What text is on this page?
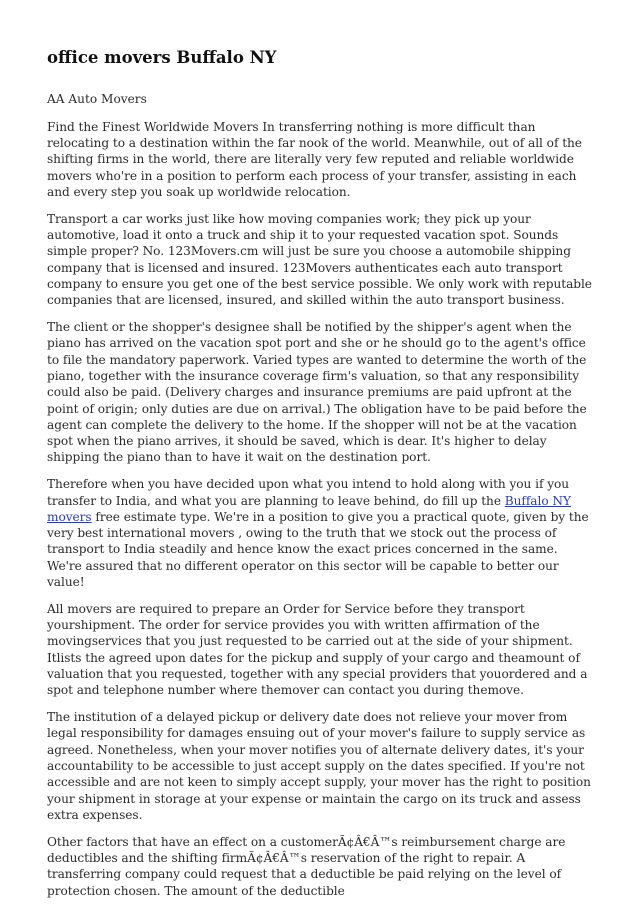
office movers Buffalo NY

AA Auto Movers

Find the Finest Worldwide Movers In transferring nothing is more difficult than relocating to a destination within the far nook of the world. Meanwhile, out of all of the shifting firms in the world, there are literally very few reputed and reliable worldwide movers who're in a position to perform each process of your transfer, assisting in each and every step you soak up worldwide relocation.

Transport a car works just like how moving companies work; they pick up your automotive, load it onto a truck and ship it to your requested vacation spot. Sounds simple proper? No. 123Movers.cm will just be sure you choose a automobile shipping company that is licensed and insured. 123Movers authenticates each auto transport company to ensure you get one of the best service possible. We only work with reputable companies that are licensed, insured, and skilled within the auto transport business.

The client or the shopper's designee shall be notified by the shipper's agent when the piano has arrived on the vacation spot port and she or he should go to the agent's office to file the mandatory paperwork. Varied types are wanted to determine the worth of the piano, together with the insurance coverage firm's valuation, so that any responsibility could also be paid. (Delivery charges and insurance premiums are paid upfront at the point of origin; only duties are due on arrival.) The obligation have to be paid before the agent can complete the delivery to the home. If the shopper will not be at the vacation spot when the piano arrives, it should be saved, which is dear. It's higher to delay shipping the piano than to have it wait on the destination port.

Therefore when you have decided upon what you intend to hold along with you if you transfer to India, and what you are planning to leave behind, do fill up the Buffalo NY movers free estimate type. We're in a position to give you a practical quote, given by the very best international movers , owing to the truth that we stock out the process of transport to India steadily and hence know the exact prices concerned in the same. We're assured that no different operator on this sector will be capable to better our value!

All movers are required to prepare an Order for Service before they transport yourshipment. The order for service provides you with written affirmation of the movingservices that you just requested to be carried out at the side of your shipment. Itlists the agreed upon dates for the pickup and supply of your cargo and theamount of valuation that you requested, together with any special providers that youordered and a spot and telephone number where themover can contact you during themove.

The institution of a delayed pickup or delivery date does not relieve your mover from legal responsibility for damages ensuing out of your mover's failure to supply service as agreed. Nonetheless, when your mover notifies you of alternate delivery dates, it's your accountability to be accessible to just accept supply on the dates specified. If you're not accessible and are not keen to simply accept supply, your mover has the right to position your shipment in storage at your expense or maintain the cargo on its truck and assess extra expenses.

Other factors that have an effect on a customerÃ¢Â€Â™s reimbursement charge are deductibles and the shifting firmÃ¢Â€Â™s reservation of the right to repair. A transferring company could request that a deductible be paid relying on the level of protection chosen. The amount of the deductible
